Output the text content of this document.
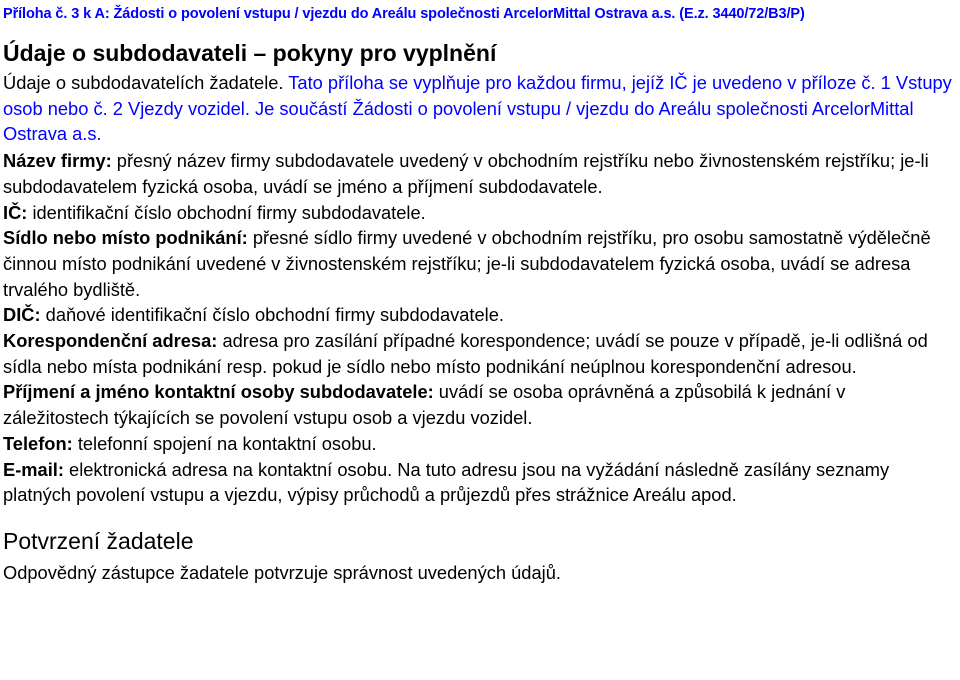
Příloha č. 3 k A: Žádosti o povolení vstupu / vjezdu do Areálu společnosti ArcelorMittal Ostrava a.s. (E.z. 3440/72/B3/P)
Údaje o subdodavateli – pokyny pro vyplnění

Údaje o subdodavatelích žadatele. Tato příloha se vyplňuje pro každou firmu, jejíž IČ je uvedeno v příloze č. 1 Vstupy osob nebo č. 2 Vjezdy vozidel. Je součástí Žádosti o povolení vstupu / vjezdu do Areálu společnosti ArcelorMittal Ostrava a.s.

Název firmy: přesný název firmy subdodavatele uvedený v obchodním rejstříku nebo živnostenském rejstříku; je-li subdodavatelem fyzická osoba, uvádí se jméno a příjmení subdodavatele.

IČ: identifikační číslo obchodní firmy subdodavatele.

Sídlo nebo místo podnikání: přesné sídlo firmy uvedené v obchodním rejstříku, pro osobu samostatně výdělečně činnou místo podnikání uvedené v živnostenském rejstříku; je-li subdodavatelem fyzická osoba, uvádí se adresa trvalého bydliště.

DIČ: daňové identifikační číslo obchodní firmy subdodavatele.

Korespondenční adresa: adresa pro zasílání případné korespondence; uvádí se pouze v případě, je-li odlišná od sídla nebo místa podnikání resp. pokud je sídlo nebo místo podnikání neúplnou korespondenční adresou.

Příjmení a jméno kontaktní osoby subdodavatele: uvádí se osoba oprávněná a způsobilá k jednání v záležitostech týkajících se povolení vstupu osob a vjezdu vozidel.

Telefon: telefonní spojení na kontaktní osobu.

E-mail: elektronická adresa na kontaktní osobu. Na tuto adresu jsou na vyžádání následně zasílány seznamy platných povolení vstupu a vjezdu, výpisy průchodů a průjezdů přes strážnice Areálu apod.

Potvrzení žadatele

Odpovědný zástupce žadatele potvrzuje správnost uvedených údajů.
